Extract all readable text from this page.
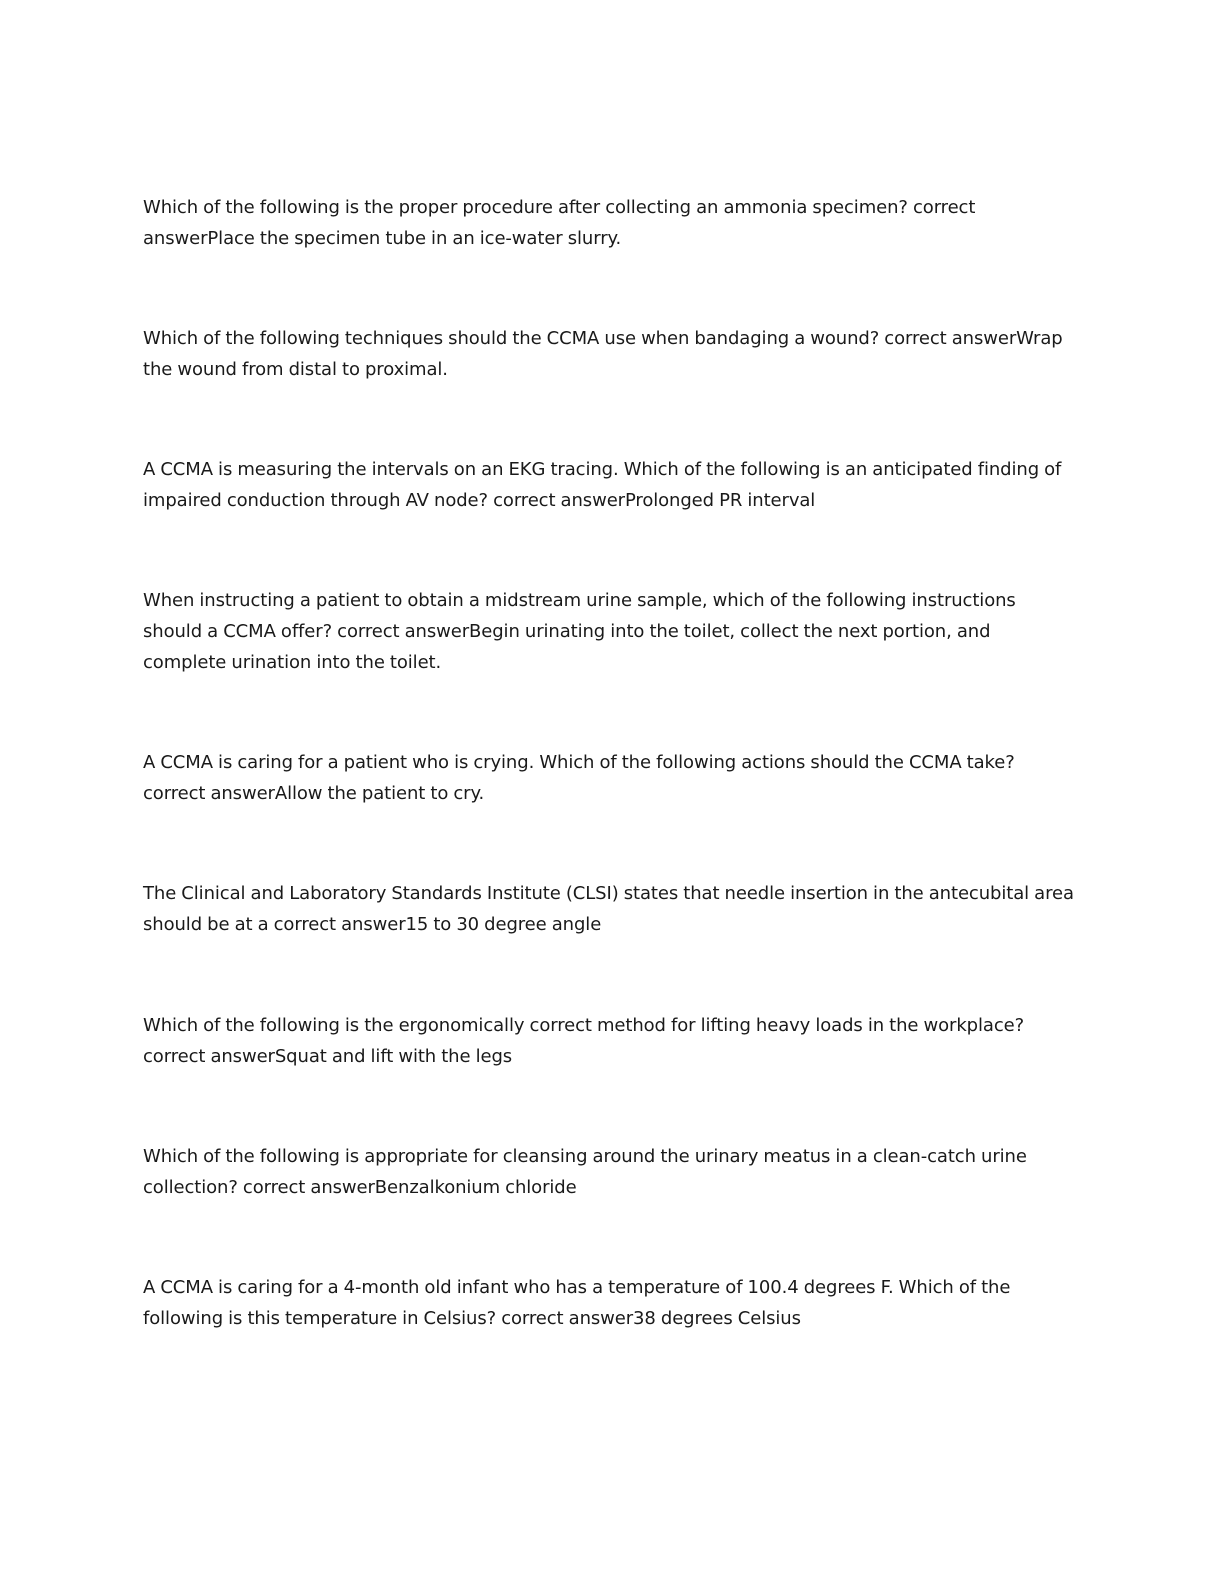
Which of the following is the proper procedure after collecting an ammonia specimen? correct
answerPlace the specimen tube in an ice-water slurry.

Which of the following techniques should the CCMA use when bandaging a wound? correct answerWrap
the wound from distal to proximal.

A CCMA is measuring the intervals on an EKG tracing. Which of the following is an anticipated finding of
impaired conduction through AV node? correct answerProlonged PR interval

When instructing a patient to obtain a midstream urine sample, which of the following instructions
should a CCMA offer? correct answerBegin urinating into the toilet, collect the next portion, and
complete urination into the toilet.

A CCMA is caring for a patient who is crying. Which of the following actions should the CCMA take?
correct answerAllow the patient to cry.

The Clinical and Laboratory Standards Institute (CLSI) states that needle insertion in the antecubital area
should be at a correct answer15 to 30 degree angle

Which of the following is the ergonomically correct method for lifting heavy loads in the workplace?
correct answerSquat and lift with the legs

Which of the following is appropriate for cleansing around the urinary meatus in a clean-catch urine
collection? correct answerBenzalkonium chloride

A CCMA is caring for a 4-month old infant who has a temperature of 100.4 degrees F. Which of the
following is this temperature in Celsius? correct answer38 degrees Celsius
